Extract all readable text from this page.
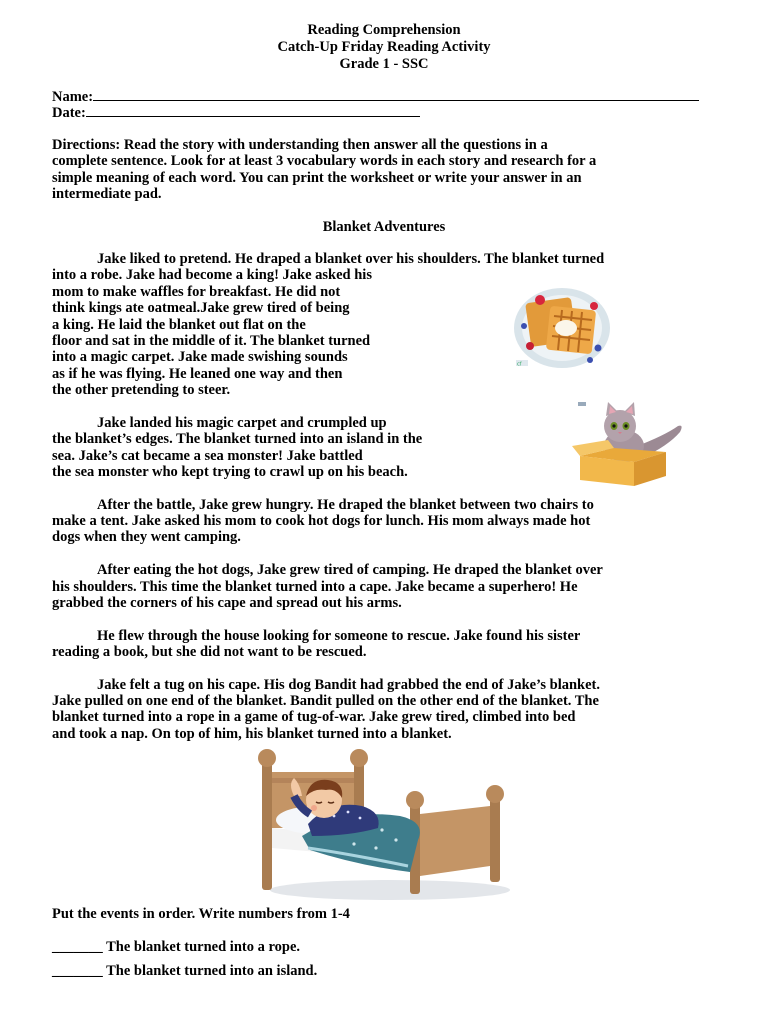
Reading Comprehension
Catch-Up Friday Reading Activity
Grade 1 - SSC
Name:
Date:
Directions: Read the story with understanding then answer all the questions in a
complete sentence. Look for at least 3 vocabulary words in each story and research for a
simple meaning of each word. You can print the worksheet or write your answer in an
intermediate pad.
Blanket Adventures
Jake liked to pretend. He draped a blanket over his shoulders. The blanket turned
into a robe. Jake had become a king! Jake asked his
mom to make waffles for breakfast. He did not
think kings ate oatmeal.Jake grew tired of being
a king. He laid the blanket out flat on the
floor and sat in the middle of it. The blanket turned
into a magic carpet. Jake made swishing sounds
as if he was flying. He leaned one way and then
the other pretending to steer.
Jake landed his magic carpet and crumpled up
the blanket’s edges. The blanket turned into an island in the
sea. Jake’s cat became a sea monster! Jake battled
the sea monster who kept trying to crawl up on his beach.
After the battle, Jake grew hungry. He draped the blanket between two chairs to
make a tent. Jake asked his mom to cook hot dogs for lunch. His mom always made hot
dogs when they went camping.
After eating the hot dogs, Jake grew tired of camping. He draped the blanket over
his shoulders. This time the blanket turned into a cape. Jake became a superhero! He
grabbed the corners of his cape and spread out his arms.
He flew through the house looking for someone to rescue. Jake found his sister
reading a book, but she did not want to be rescued.
Jake felt a tug on his cape. His dog Bandit had grabbed the end of Jake’s blanket.
Jake pulled on one end of the blanket. Bandit pulled on the other end of the blanket. The
blanket turned into a rope in a game of tug-of-war. Jake grew tired, climbed into bed
and took a nap. On top of him, his blanket turned into a blanket.
cf
Put the events in order. Write numbers from 1-4
_______ The blanket turned into a rope.
_______ The blanket turned into an island.
